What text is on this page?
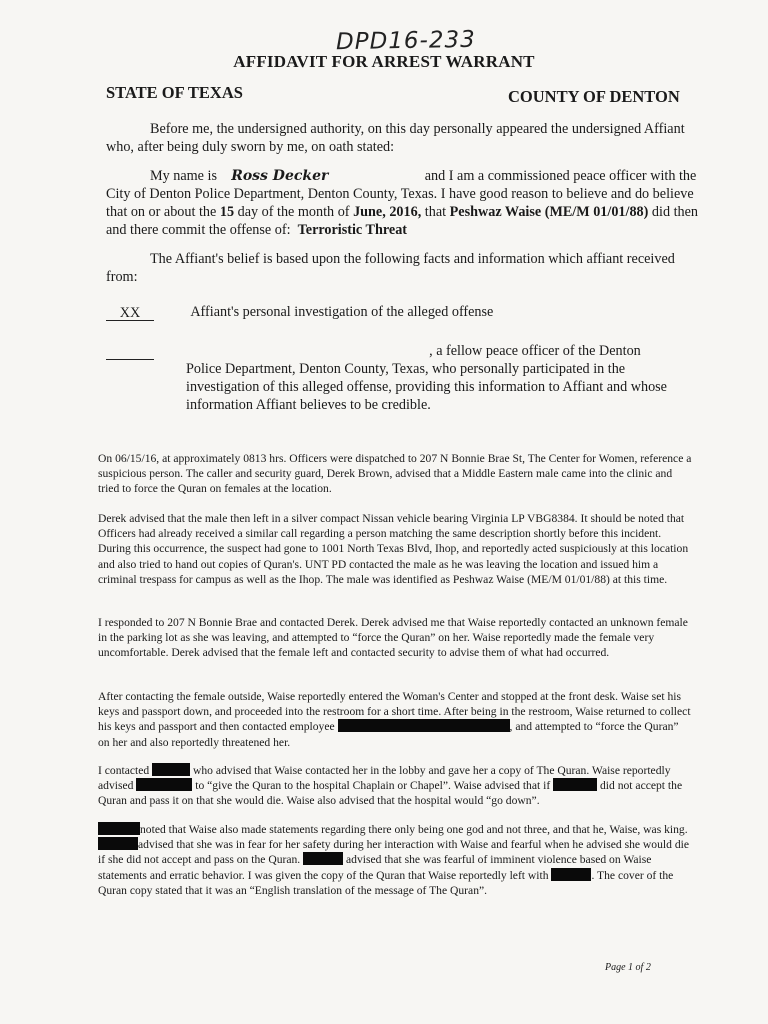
DPD16-233
AFFIDAVIT FOR ARREST WARRANT
STATE OF TEXAS	COUNTY OF DENTON
Before me, the undersigned authority, on this day personally appeared the undersigned Affiant who, after being duly sworn by me, on oath stated:
My name is Ross Decker	and I am a commissioned peace officer with the City of Denton Police Department, Denton County, Texas. I have good reason to believe and do believe that on or about the 15 day of the month of June, 2016, that Peshwaz Waise (ME/M 01/01/88) did then and there commit the offense of: Terroristic Threat
The Affiant's belief is based upon the following facts and information which affiant received from:
XX	Affiant's personal investigation of the alleged offense
, a fellow peace officer of the Denton
Police Department, Denton County, Texas, who personally participated in the investigation of this alleged offense, providing this information to Affiant and whose information Affiant believes to be credible.
On 06/15/16, at approximately 0813 hrs. Officers were dispatched to 207 N Bonnie Brae St, The Center for Women, reference a suspicious person. The caller and security guard, Derek Brown, advised that a Middle Eastern male came into the clinic and tried to force the Quran on females at the location.
Derek advised that the male then left in a silver compact Nissan vehicle bearing Virginia LP VBG8384. It should be noted that Officers had already received a similar call regarding a person matching the same description shortly before this incident. During this occurrence, the suspect had gone to 1001 North Texas Blvd, Ihop, and reportedly acted suspiciously at this location and also tried to hand out copies of Quran's. UNT PD contacted the male as he was leaving the location and issued him a criminal trespass for campus as well as the Ihop. The male was identified as Peshwaz Waise (ME/M 01/01/88) at this time.
I responded to 207 N Bonnie Brae and contacted Derek. Derek advised me that Waise reportedly contacted an unknown female in the parking lot as she was leaving, and attempted to “force the Quran” on her. Waise reportedly made the female very uncomfortable. Derek advised that the female left and contacted security to advise them of what had occurred.
After contacting the female outside, Waise reportedly entered the Woman's Center and stopped at the front desk. Waise set his keys and passport down, and proceeded into the restroom for a short time. After being in the restroom, Waise returned to collect his keys and passport and then contacted employee	, and attempted to “force the Quran” on her and also reportedly threatened her.
I contacted	who advised that Waise contacted her in the lobby and gave her a copy of The Quran. Waise reportedly advised	to “give the Quran to the hospital Chaplain or Chapel”. Waise advised that if	did not accept the Quran and pass it on that she would die. Waise also advised that the hospital would “go down”.
noted that Waise also made statements regarding there only being one god and not three, and that he, Waise, was king. advised that she was in fear for her safety during her interaction with Waise and fearful when he advised she would die if she did not accept and pass on the Quran.	advised that she was fearful of imminent violence based on Waise statements and erratic behavior. I was given the copy of the Quran that Waise reportedly left with	. The cover of the Quran copy stated that it was an “English translation of the message of The Quran”.
Page 1 of 2
